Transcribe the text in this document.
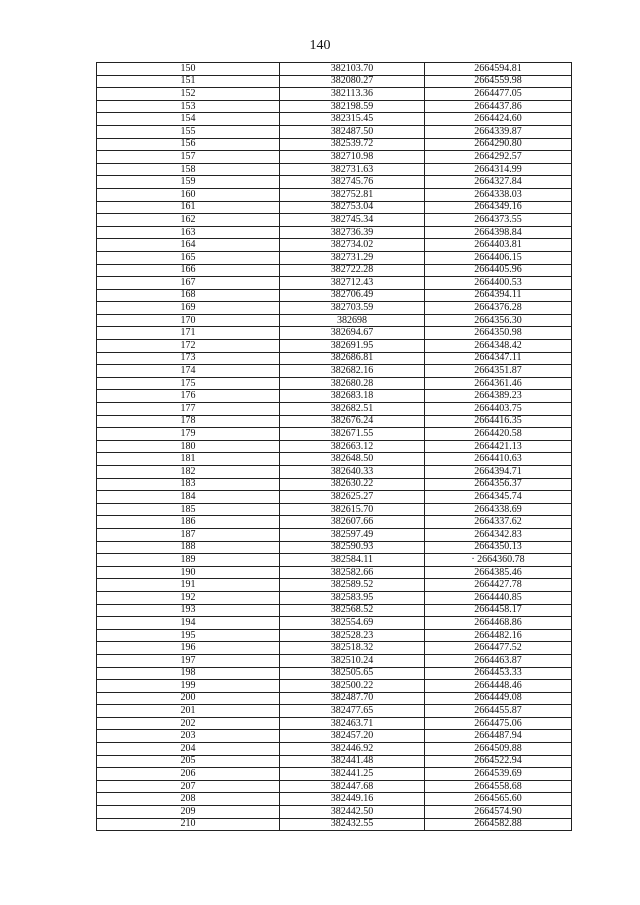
140
150	382103.70	2664594.81
151	382080.27	2664559.98
152	382113.36	2664477.05
153	382198.59	2664437.86
154	382315.45	2664424.60
155	382487.50	2664339.87
156	382539.72	2664290.80
157	382710.98	2664292.57
158	382731.63	2664314.99
159	382745.76	2664327.84
160	382752.81	2664338.03
161	382753.04	2664349.16
162	382745.34	2664373.55
163	382736.39	2664398.84
164	382734.02	2664403.81
165	382731.29	2664406.15
166	382722.28	2664405.96
167	382712.43	2664400.53
168	382706.49	2664394.11
169	382703.59	2664376.28
170	382698	2664356.30
171	382694.67	2664350.98
172	382691.95	2664348.42
173	382686.81	2664347.11
174	382682.16	2664351.87
175	382680.28	2664361.46
176	382683.18	2664389.23
177	382682.51	2664403.75
178	382676.24	2664416.35
179	382671.55	2664420.58
180	382663.12	2664421.13
181	382648.50	2664410.63
182	382640.33	2664394.71
183	382630.22	2664356.37
184	382625.27	2664345.74
185	382615.70	2664338.69
186	382607.66	2664337.62
187	382597.49	2664342.83
188	382590.93	2664350.13
189	382584.11	· 2664360.78
190	382582.66	2664385.46
191	382589.52	2664427.78
192	382583.95	2664440.85
193	382568.52	2664458.17
194	382554.69	2664468.86
195	382528.23	2664482.16
196	382518.32	2664477.52
197	382510.24	2664463.87
198	382505.65	2664453.33
199	382500.22	2664448.46
200	382487.70	2664449.08
201	382477.65	2664455.87
202	382463.71	2664475.06
203	382457.20	2664487.94
204	382446.92	2664509.88
205	382441.48	2664522.94
206	382441.25	2664539.69
207	382447.68	2664558.68
208	382449.16	2664565.60
209	382442.50	2664574.90
210	382432.55	2664582.88
